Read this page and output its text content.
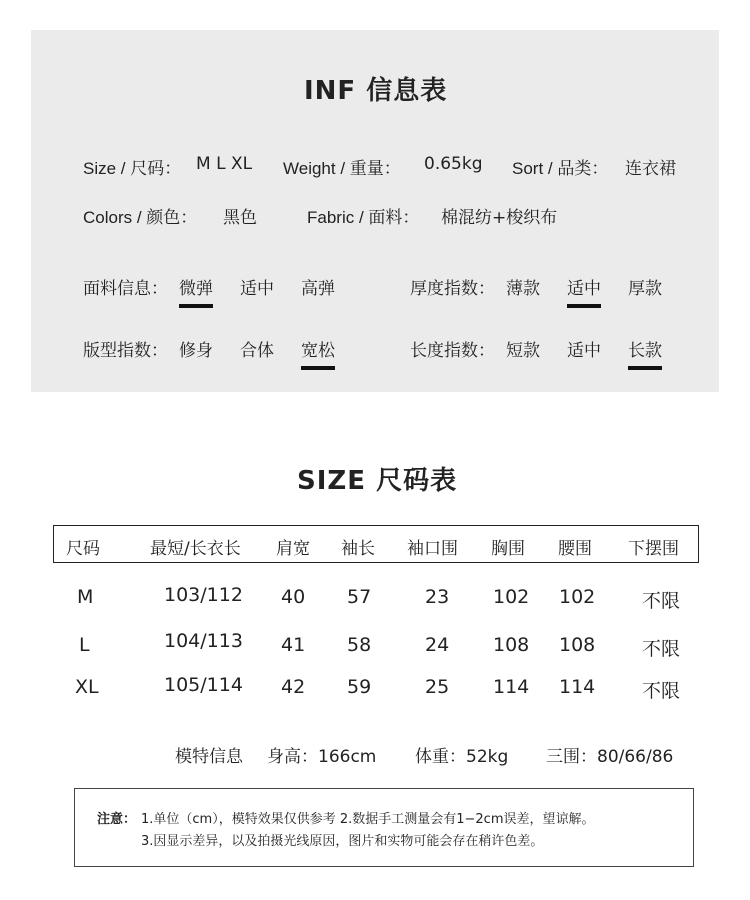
INF 信息表
Size / 尺码： M L XL Weight / 重量： 0.65kg Sort / 品类： 连衣裙
Colors / 颜色： 黑色	Fabric / 面料： 棉混纺+梭织布
面料信息： 微弹 适中 高弹	厚度指数： 薄款 适中 厚款
版型指数： 修身 合体 宽松	长度指数： 短款 适中 长款
SIZE 尺码表
尺码	最短/长衣长 肩宽 袖长 袖口围 胸围 腰围 下摆围
M	103/112 40 57	23 102 102 不限
L	104/113 41 58	24 108 108 不限
XL	105/114 42 59	25 114 114 不限
模特信息 身高：166cm 体重：52kg 三围：80/66/86
注意： 1.单位（cm），模特效果仅供参考 2.数据手工测量会有1−2cm误差，望谅解。
3.因显示差异，以及拍摄光线原因，图片和实物可能会存在稍许色差。
